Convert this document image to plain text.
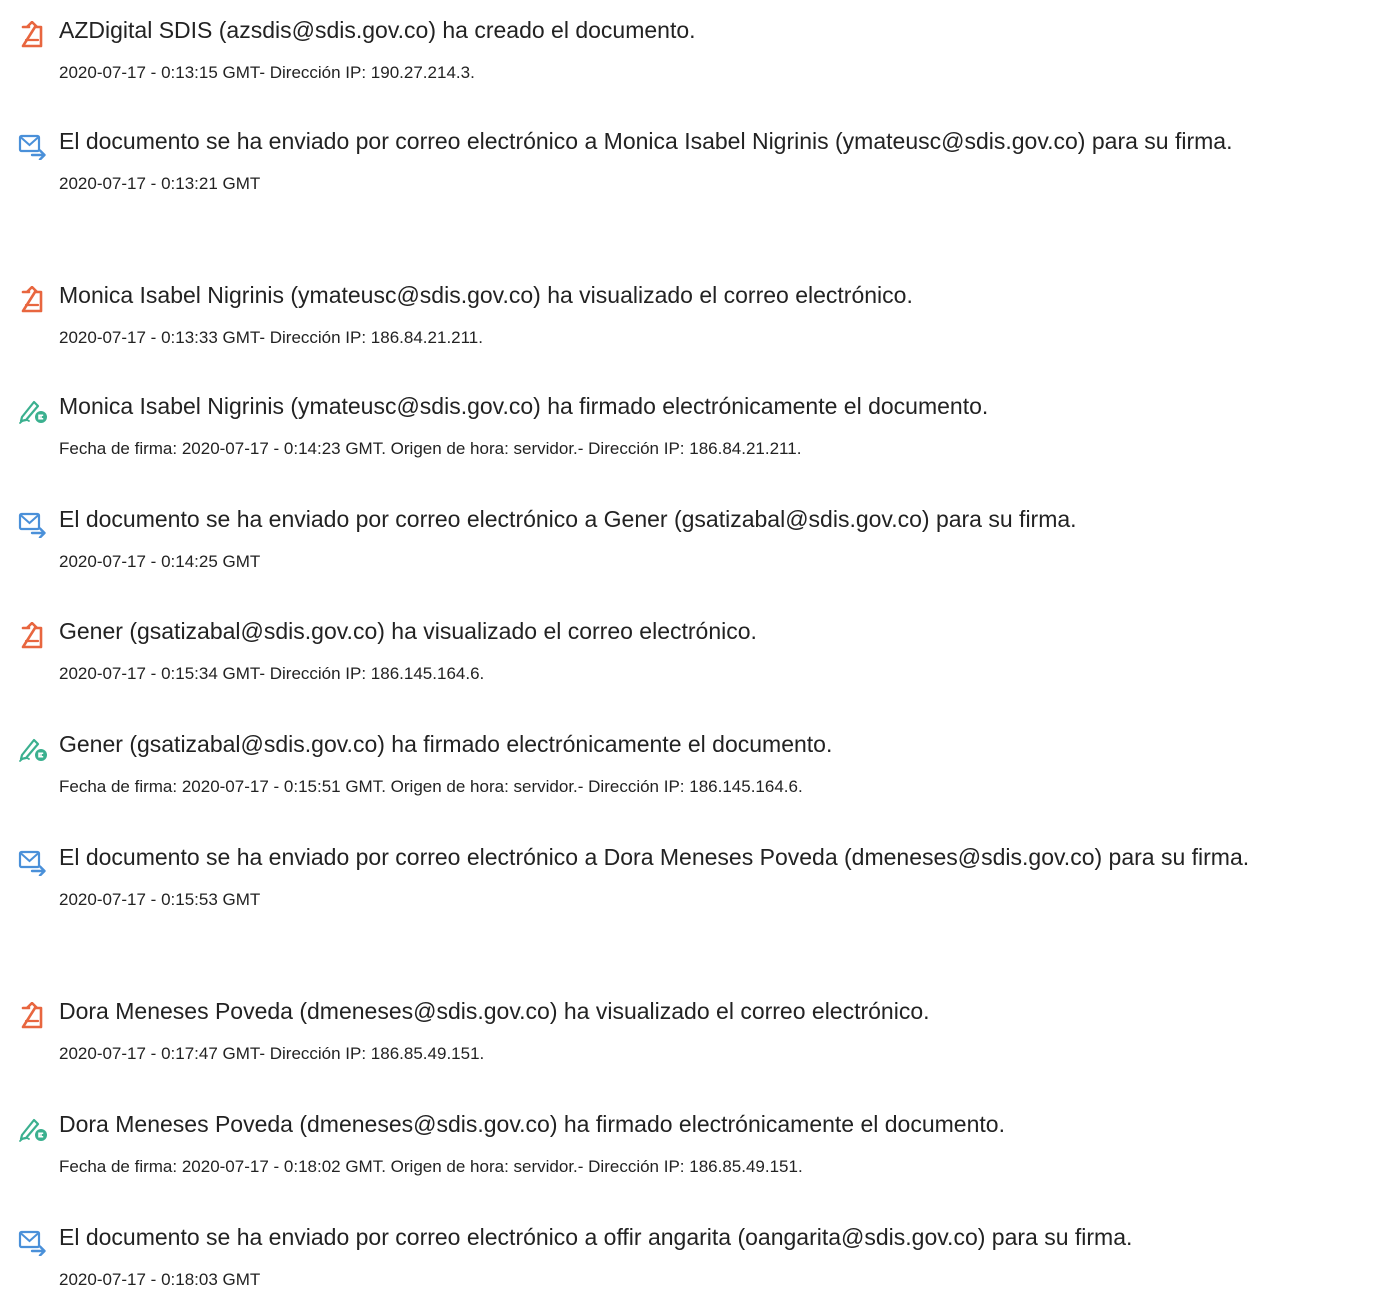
AZDigital SDIS (azsdis@sdis.gov.co) ha creado el documento.
2020-07-17 - 0:13:15 GMT- Dirección IP: 190.27.214.3.
El documento se ha enviado por correo electrónico a Monica Isabel Nigrinis (ymateusc@sdis.gov.co) para su firma.
2020-07-17 - 0:13:21 GMT
Monica Isabel Nigrinis (ymateusc@sdis.gov.co) ha visualizado el correo electrónico.
2020-07-17 - 0:13:33 GMT- Dirección IP: 186.84.21.211.
Monica Isabel Nigrinis (ymateusc@sdis.gov.co) ha firmado electrónicamente el documento.
Fecha de firma: 2020-07-17 - 0:14:23 GMT. Origen de hora: servidor.- Dirección IP: 186.84.21.211.
El documento se ha enviado por correo electrónico a Gener (gsatizabal@sdis.gov.co) para su firma.
2020-07-17 - 0:14:25 GMT
Gener (gsatizabal@sdis.gov.co) ha visualizado el correo electrónico.
2020-07-17 - 0:15:34 GMT- Dirección IP: 186.145.164.6.
Gener (gsatizabal@sdis.gov.co) ha firmado electrónicamente el documento.
Fecha de firma: 2020-07-17 - 0:15:51 GMT. Origen de hora: servidor.- Dirección IP: 186.145.164.6.
El documento se ha enviado por correo electrónico a Dora Meneses Poveda (dmeneses@sdis.gov.co) para su firma.
2020-07-17 - 0:15:53 GMT
Dora Meneses Poveda (dmeneses@sdis.gov.co) ha visualizado el correo electrónico.
2020-07-17 - 0:17:47 GMT- Dirección IP: 186.85.49.151.
Dora Meneses Poveda (dmeneses@sdis.gov.co) ha firmado electrónicamente el documento.
Fecha de firma: 2020-07-17 - 0:18:02 GMT. Origen de hora: servidor.- Dirección IP: 186.85.49.151.
El documento se ha enviado por correo electrónico a offir angarita (oangarita@sdis.gov.co) para su firma.
2020-07-17 - 0:18:03 GMT
